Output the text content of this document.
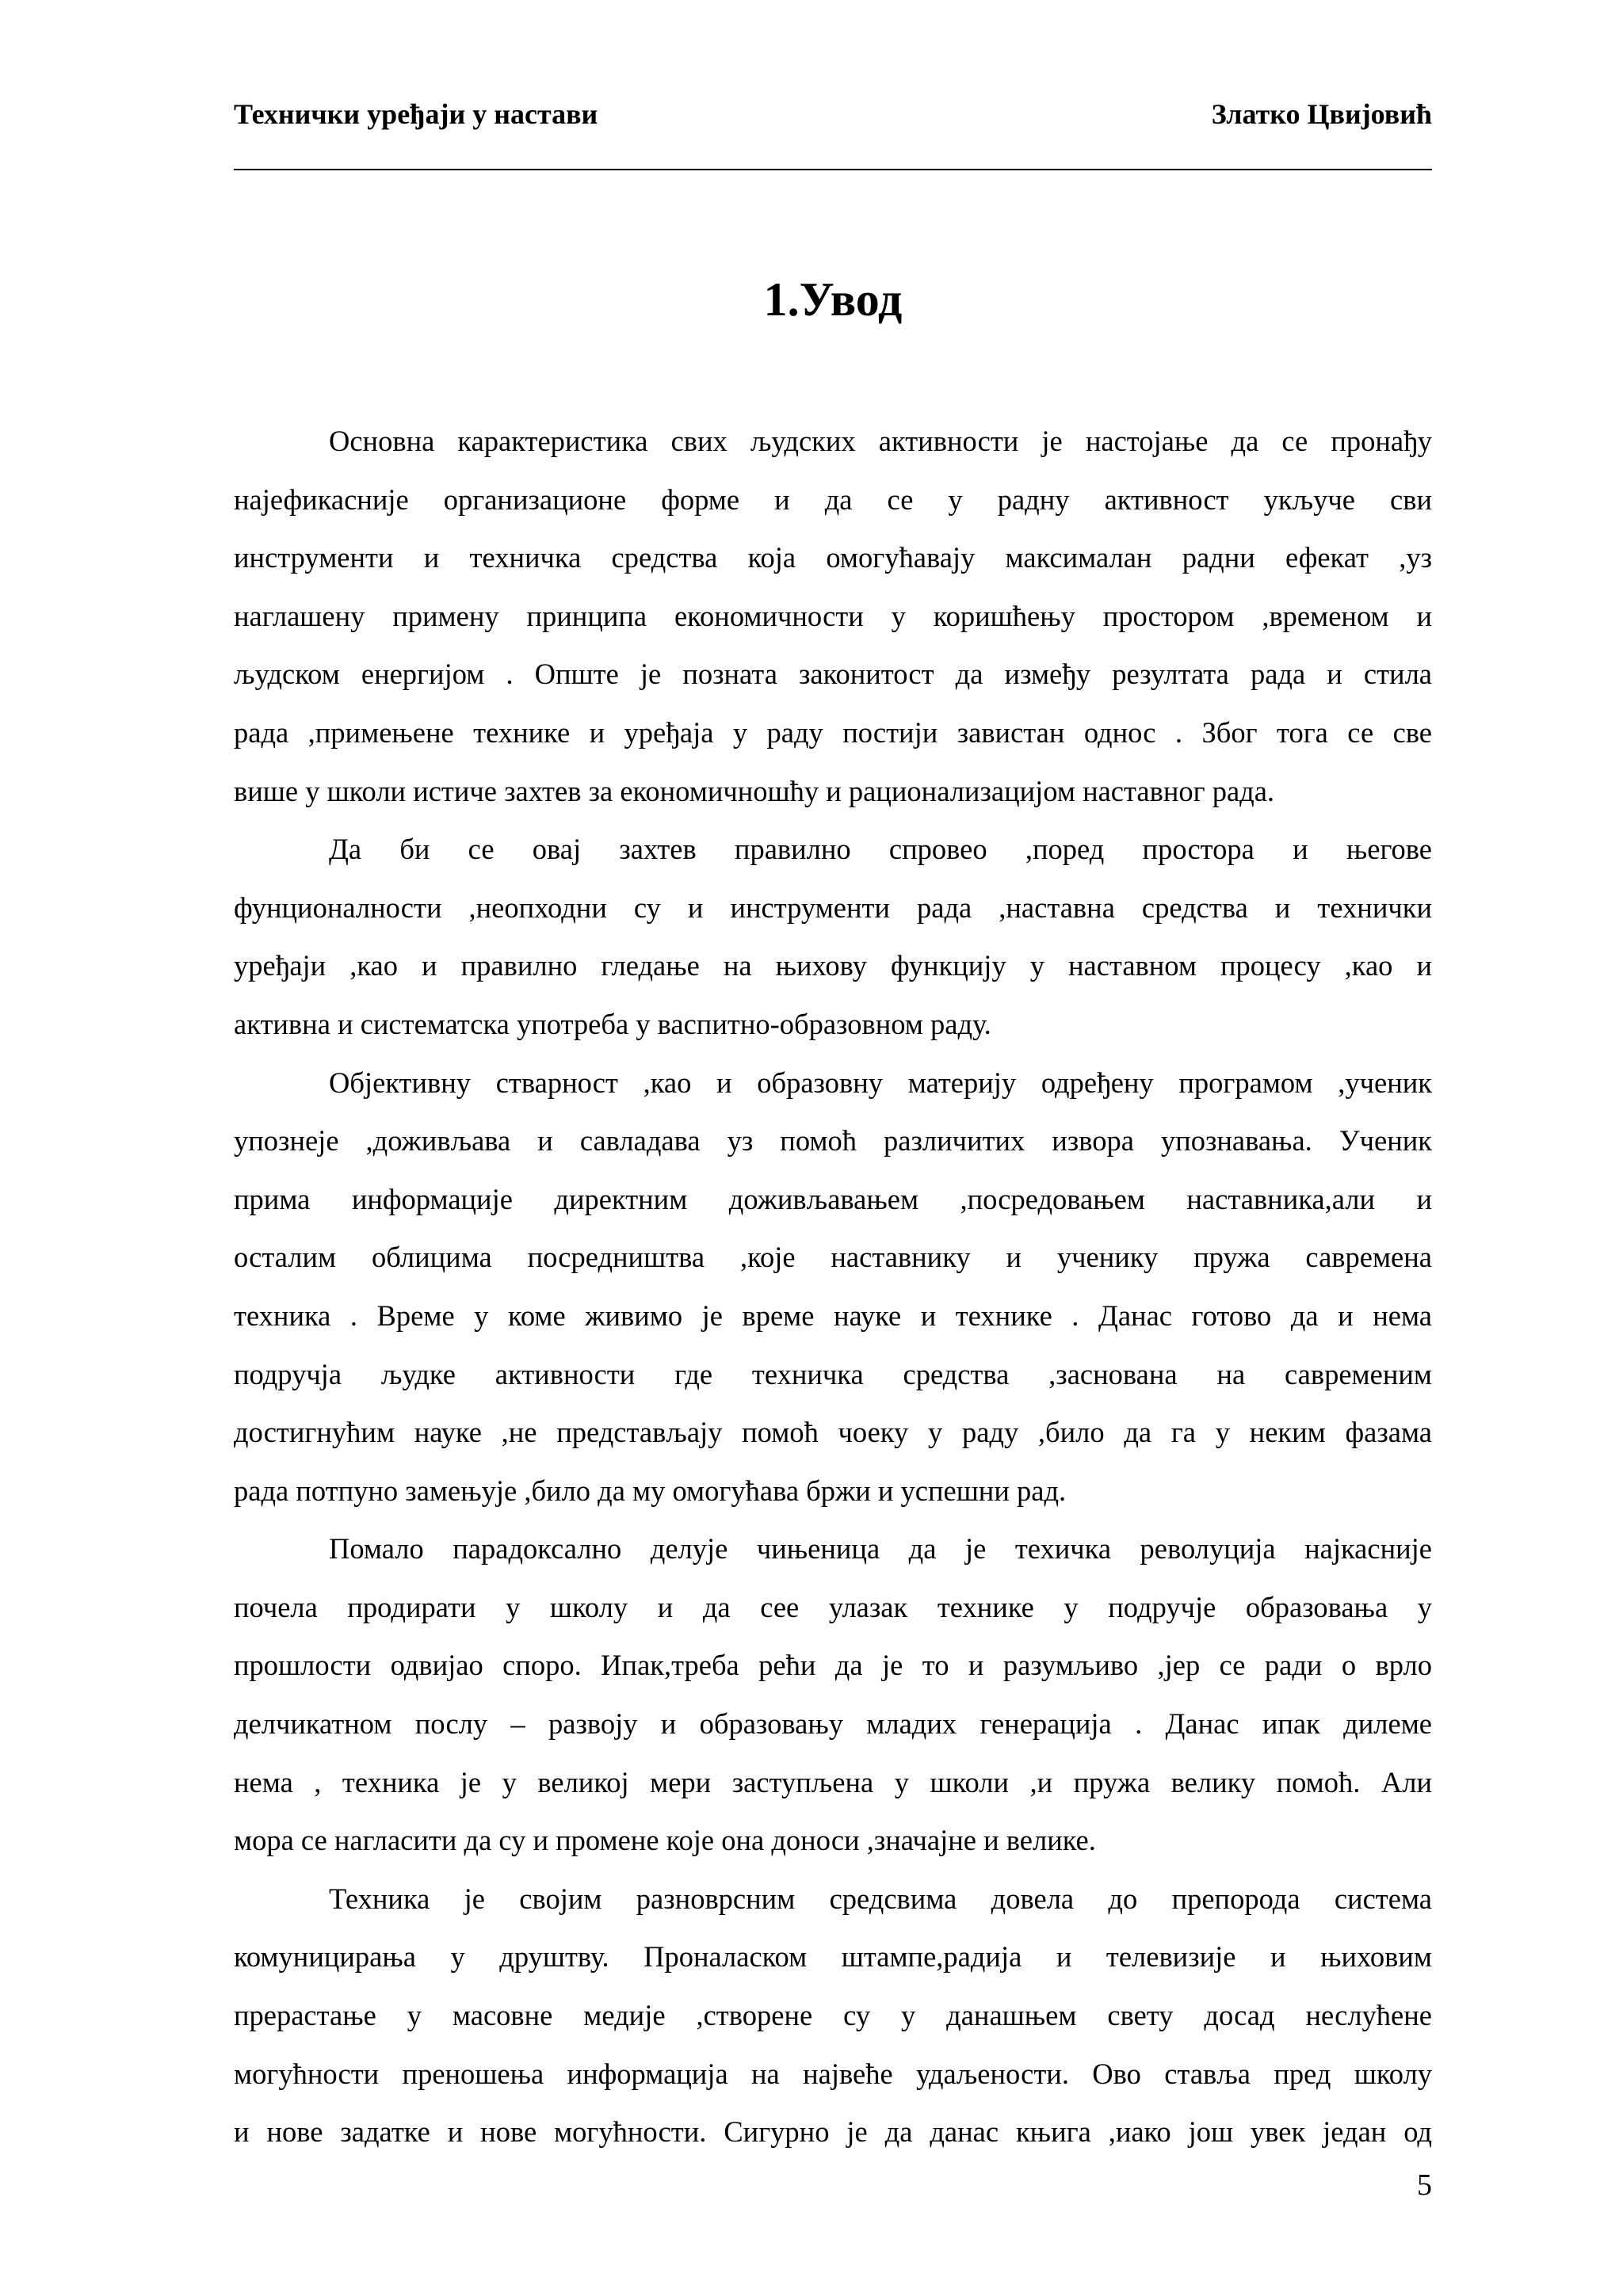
Технички уређаји у настави	Златко Цвијовић
1.Увод
Основна карактеристика свих људских активности је настојање да се пронађу
најефикасније организационе форме и да се у радну активност укључе сви
инструменти и техничка средства која омогућавају максималан радни ефекат ,уз
наглашену примену принципа економичности у коришћењу простором ,временом и
људском енергијом . Опште је позната законитост да између резултата рада и стила
рада ,примењене технике и уређаја у раду постији завистан однос . Због тога се све
више у школи истиче захтев за економичношћу и рационализацијом наставног рада.
Да би се овај захтев правилно спровео ,поред простора и његове
фунционалности ,неопходни су и инструменти рада ,наставна средства и технички
уређаји ,као и правилно гледање на њихову функцију у наставном процесу ,као и
активна и систематска употреба у васпитно-образовном раду.
Објективну стварност ,као и образовну материју одређену програмом ,ученик
упознеје ,доживљава и савладава уз помоћ различитих извора упознавања. Ученик
прима информације директним доживљавањем ,посредовањем наставника,али и
осталим облицима посредништва ,које наставнику и ученику пружа савремена
техника . Време у коме живимо је време науке и технике . Данас готово да и нема
подручја људке активности где техничка средства ,заснована на савременим
достигнућим науке ,не представљају помоћ чоеку у раду ,било да га у неким фазама
рада потпуно замењује ,било да му омогућава бржи и успешни рад.
Помало парадоксално делује чињеница да је техичка револуција најкасније
почела продирати у школу и да сее улазак технике у подручје образовања у
прошлости одвијао споро. Ипак,треба рећи да је то и разумљиво ,јер се ради о врло
делчикатном послу – развоју и образовању младих генерација . Данас ипак дилеме
нема , техника је у великој мери заступљена у школи ,и пружа велику помоћ. Али
мора се нагласити да су и промене које она доноси ,значајне и велике.
Техника је својим разноврсним средсвима довела до препорода система
комуницирања у друштву. Проналаском штампе,радија и телевизије и њиховим
прерастање у масовне медије ,створене су у данашњем свету досад неслућене
могућности преношења информација на највеће удаљености. Ово ставља пред школу
и нове задатке и нове могућности. Сигурно је да данас књига ,иако још увек један од
5
